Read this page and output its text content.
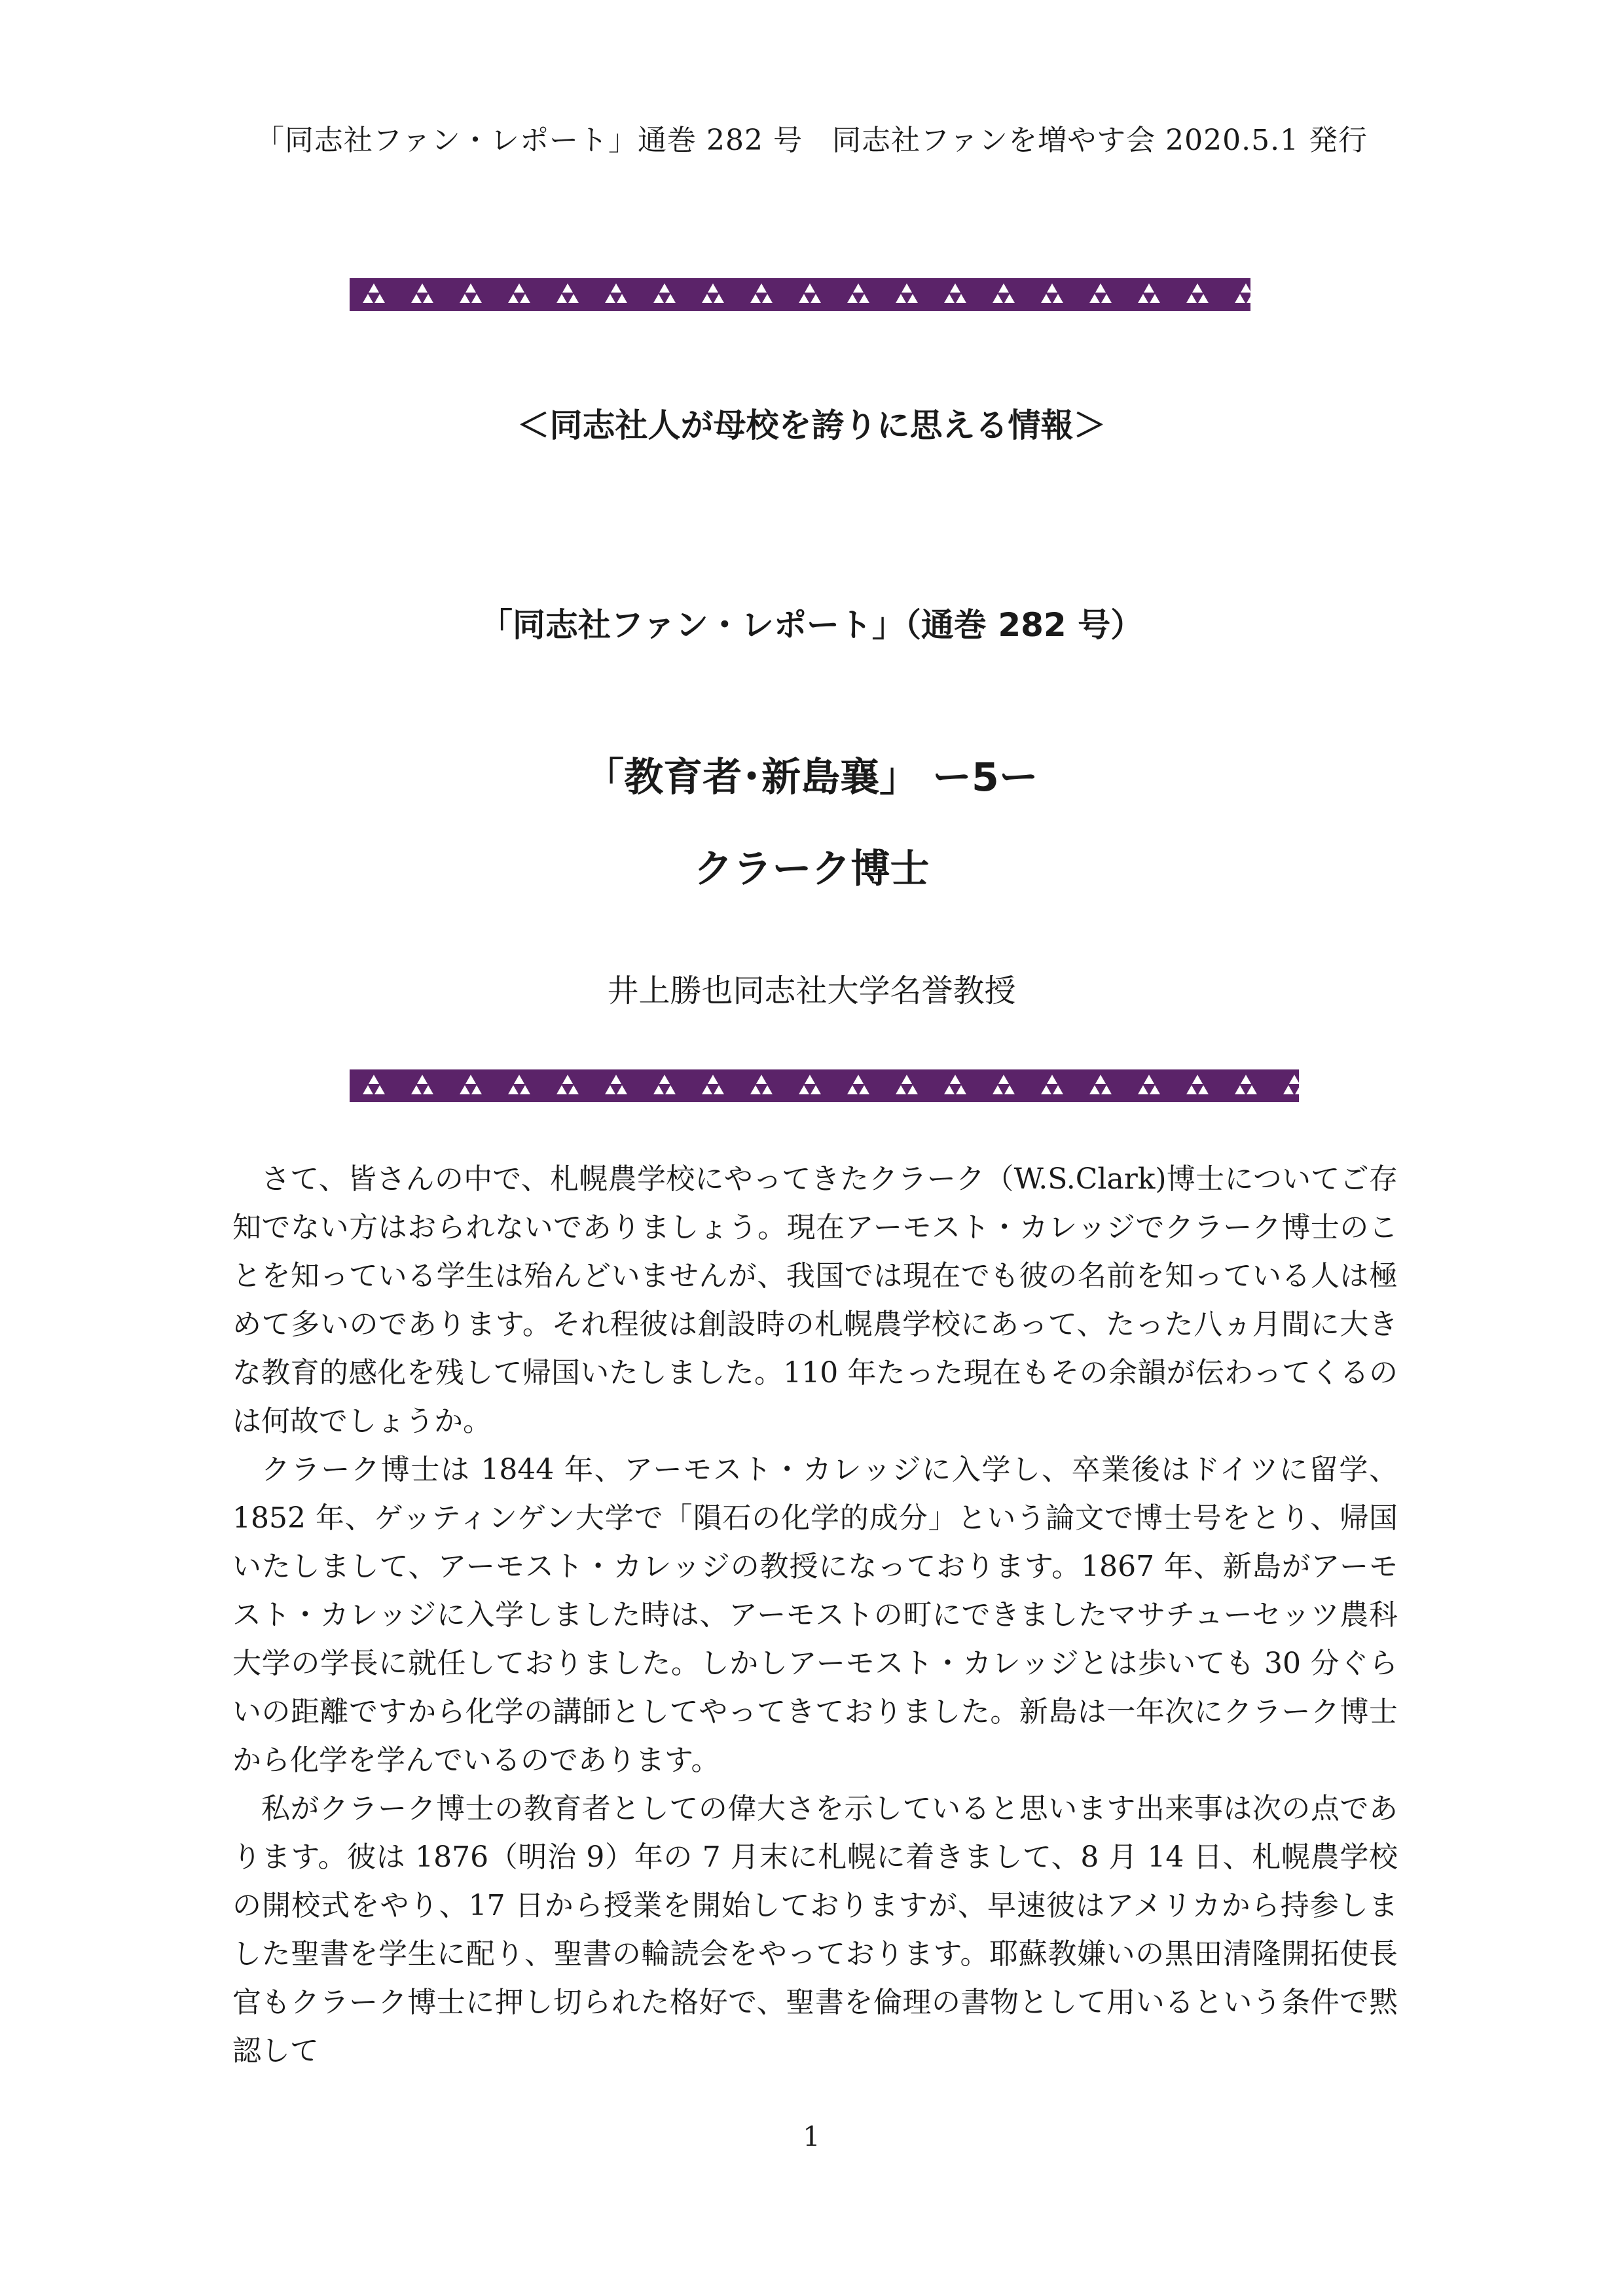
「同志社ファン・レポート」通巻 282 号　同志社ファンを増やす会 2020.5.1 発行
＜同志社人が母校を誇りに思える情報＞
「同志社ファン・レポート」（通巻 282 号）
「教育者･新島襄」 ー5ー
クラーク博士
井上勝也同志社大学名誉教授

さて、皆さんの中で、札幌農学校にやってきたクラーク（W.S.Clark)博士についてご存知でない方はおられないでありましょう。現在アーモスト・カレッジでクラーク博士のことを知っている学生は殆んどいませんが、我国では現在でも彼の名前を知っている人は極めて多いのであります。それ程彼は創設時の札幌農学校にあって、たった八ヵ月間に大きな教育的感化を残して帰国いたしました。110 年たった現在もその余韻が伝わってくるのは何故でしょうか。

クラーク博士は 1844 年、アーモスト・カレッジに入学し、卒業後はドイツに留学、1852 年、ゲッティンゲン大学で「隕石の化学的成分」という論文で博士号をとり、帰国いたしまして、アーモスト・カレッジの教授になっております。1867 年、新島がアーモスト・カレッジに入学しました時は、アーモストの町にできましたマサチューセッツ農科大学の学長に就任しておりました。しかしアーモスト・カレッジとは歩いても 30 分ぐらいの距離ですから化学の講師としてやってきておりました。新島は一年次にクラーク博士から化学を学んでいるのであります。

私がクラーク博士の教育者としての偉大さを示していると思います出来事は次の点であります。彼は 1876（明治 9）年の 7 月末に札幌に着きまして、8 月 14 日、札幌農学校の開校式をやり、17 日から授業を開始しておりますが、早速彼はアメリカから持参しました聖書を学生に配り、聖書の輪読会をやっております。耶蘇教嫌いの黒田清隆開拓使長官もクラーク博士に押し切られた格好で、聖書を倫理の書物として用いるという条件で黙認して

1
